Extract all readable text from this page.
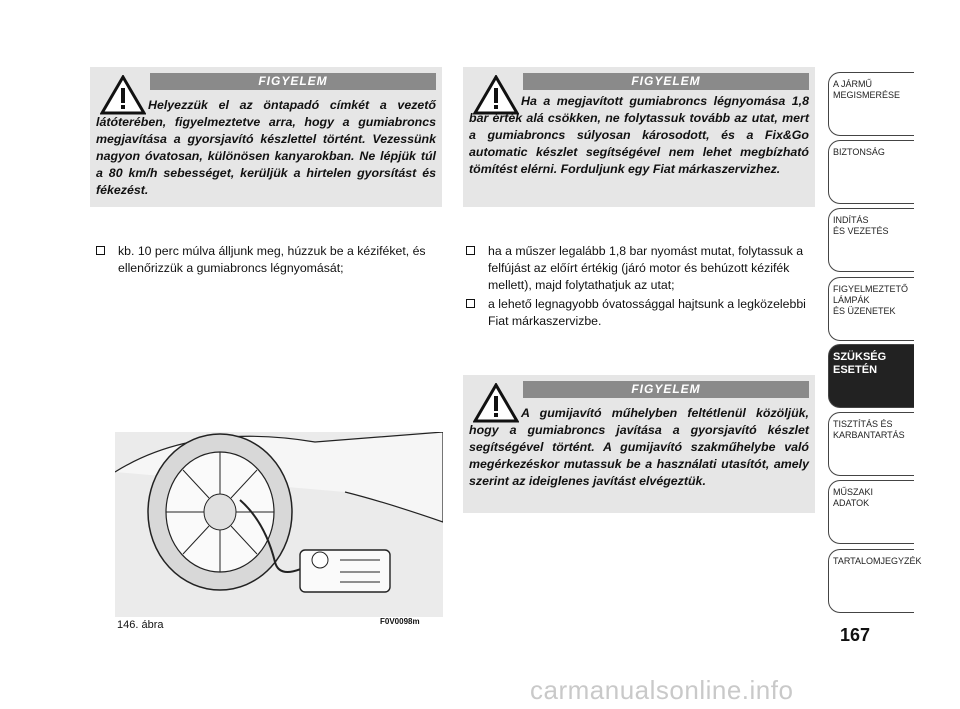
FIGYELEM
Helyezzük el az öntapadó címkét a vezető látóterében, figyelmeztetve arra, hogy a gumiabroncs megjavítása a gyorsjavító készlettel történt. Vezessünk nagyon óvatosan, különösen kanyarokban. Ne lépjük túl a 80 km/h sebességet, kerüljük a hirtelen gyorsítást és fékezést.
FIGYELEM
Ha a megjavított gumiabroncs légnyomása 1,8 bar érték alá csökken, ne folytassuk tovább az utat, mert a gumiabroncs súlyosan károsodott, és a Fix&Go automatic készlet segítségével nem lehet megbízható tömítést elérni. Forduljunk egy Fiat márkaszervizhez.
kb. 10 perc múlva álljunk meg, húzzuk be a kéziféket, és ellenőrizzük a gumiabroncs légnyomását;
ha a műszer legalább 1,8 bar nyomást mutat, folytassuk a felfújást az előírt értékig (járó motor és behúzott kézifék mellett), majd folytathatjuk az utat;
a lehető legnagyobb óvatossággal hajtsunk a legközelebbi Fiat márkaszervizbe.
FIGYELEM
A gumijavító műhelyben feltétlenül közöljük, hogy a gumiabroncs javítása a gyorsjavító készlet segítségével történt. A gumijavító szakműhelybe való megérkezéskor mutassuk be a használati utasítót, amely szerint az ideiglenes javítást elvégeztük.
146. ábra	F0V0098m
A JÁRMŰ
MEGISMERÉSE
BIZTONSÁG
INDÍTÁS
ÉS VEZETÉS
FIGYELMEZTETŐ
LÁMPÁK
ÉS ÜZENETEK
SZÜKSÉG
ESETÉN
TISZTÍTÁS ÉS
KARBANTARTÁS
MŰSZAKI
ADATOK
TARTALOMJEGYZÉK
167
carmanualsonline.info
